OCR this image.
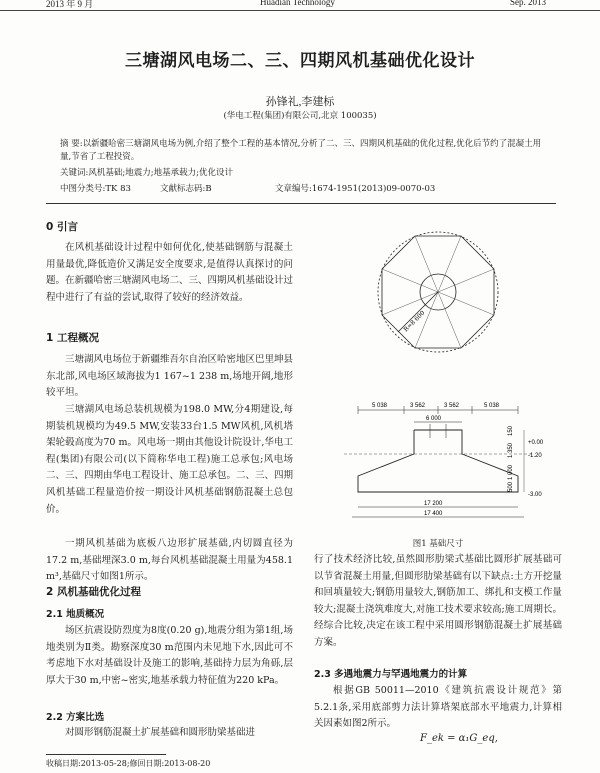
2013 年 9 月	Huadian Technology	Sep. 2013
三塘湖风电场二、三、四期风机基础优化设计
孙锋礼,李建标
(华电工程(集团)有限公司,北京 100035)
摘 要:以新疆哈密三塘湖风电场为例,介绍了整个工程的基本情况,分析了二、三、四期风机基础的优化过程,优化后节约了混凝土用量,节省了工程投资。
关键词:风机基础;地震力;地基承载力;优化设计
中图分类号:TK 83	文献标志码:B	文章编号:1674-1951(2013)09-0070-03
0 引言

在风机基础设计过程中如何优化,使基础钢筋与混凝土用量最优,降低造价又满足安全度要求,是值得认真探讨的问题。在新疆哈密三塘湖风电场二、三、四期风机基础设计过程中进行了有益的尝试,取得了较好的经济效益。

1 工程概况

三塘湖风电场位于新疆维吾尔自治区哈密地区巴里坤县东北部,风电场区域海拔为1 167~1 238 m,场地开阔,地形较平坦。

三塘湖风电场总装机规模为198.0 MW,分4期建设,每期装机规模均为49.5 MW,安装33台1.5 MW风机,风机塔架轮毂高度为70 m。风电场一期由其他设计院设计,华电工程(集团)有限公司(以下简称华电工程)施工总承包;风电场二、三、四期由华电工程设计、施工总承包。二、三、四期风机基础工程量造价按一期设计风机基础钢筋混凝土总包价。

一期风机基础为底板八边形扩展基础,内切圆直径为17.2 m,基础埋深3.0 m,每台风机基础混凝土用量为458.1 m³,基础尺寸如图1所示。

2 风机基础优化过程
2.1 地质概况

场区抗震设防烈度为8度(0.20 g),地震分组为第1组,场地类别为Ⅱ类。勘察深度30 m范围内未见地下水,因此可不考虑地下水对基础设计及施工的影响,基础持力层为角砾,层厚大于30 m,中密~密实,地基承载力特征值为220 kPa。

2.2 方案比选

对圆形钢筋混凝土扩展基础和圆形肋梁基础进

R=8 600
5 038	3 562	3 562	5 038
6 000
+0.00
-1.20
-3.00
17 200
17 400
150
1 350
1 000
500
图1 基础尺寸

行了技术经济比较,虽然圆形肋梁式基础比圆形扩展基础可以节省混凝土用量,但圆形肋梁基础有以下缺点:土方开挖量和回填量较大;钢筋用量较大,钢筋加工、绑扎和支模工作量较大;混凝土浇筑难度大,对施工技术要求较高;施工周期长。经综合比较,决定在该工程中采用圆形钢筋混凝土扩展基础方案。

2.3 多遇地震力与罕遇地震力的计算

根据GB 50011—2010《建筑抗震设计规范》第5.2.1条,采用底部剪力法计算塔架底部水平地震力,计算相关因素如图2所示。

F_ek = α₁G_eq,
收稿日期:2013-05-28;修回日期:2013-08-20
